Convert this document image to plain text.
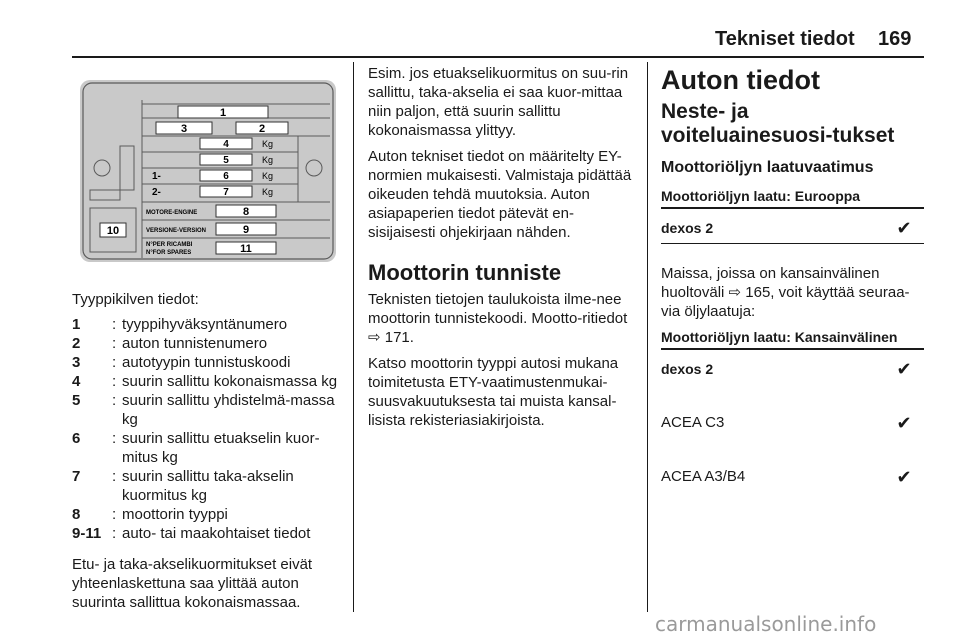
Tekniset tiedot 169
1
3	2
4	Kg
5	Kg
1-	6	Kg
2-	7	Kg
MOTORE-ENGINE	8
VERSIONE-VERSION	9
N°PER RICAMBI
N°FOR SPARES	11
10

Tyyppikilven tiedot:

1	: tyyppihyväksyntänumero
2	: auton tunnistenumero
3	: autotyypin tunnistuskoodi
4	: suurin sallittu kokonaismassa kg
5	: suurin sallittu yhdistelmä-massa kg
6	: suurin sallittu etuakselin kuor-mitus kg
7	: suurin sallittu taka-akselin kuormitus kg
8	: moottorin tyyppi
9-11 : auto- tai maakohtaiset tiedot

Etu- ja taka-akselikuormitukset eivät yhteenlaskettuna saa ylittää auton suurinta sallittua kokonaismassaa.

Esim. jos etuakselikuormitus on suu-rin sallittu, taka-akselia ei saa kuor-mittaa niin paljon, että suurin sallittu kokonaismassa ylittyy.

Auton tekniset tiedot on määritelty EY-normien mukaisesti. Valmistaja pidättää oikeuden tehdä muutoksia. Auton asiapaperien tiedot pätevät en-sisijaisesti ohjekirjaan nähden.

Moottorin tunniste

Teknisten tietojen taulukoista ilme-nee moottorin tunnistekoodi. Mootto-ritiedot ⇨ 171.

Katso moottorin tyyppi autosi mukana toimitetusta ETY-vaatimustenmukai-suusvakuutuksesta tai muista kansal-lisista rekisteriasiakirjoista.

Auton tiedot
Neste- ja voiteluainesuosi-tukset
Moottoriöljyn laatuvaatimus
Moottoriöljyn laatu: Eurooppa
dexos 2	✔

Maissa, joissa on kansainvälinen huoltoväli ⇨ 165, voit käyttää seuraa-via öljylaatuja:

Moottoriöljyn laatu: Kansainvälinen
dexos 2	✔
ACEA C3	✔
ACEA A3/B4	✔
carmanualsonline.info
